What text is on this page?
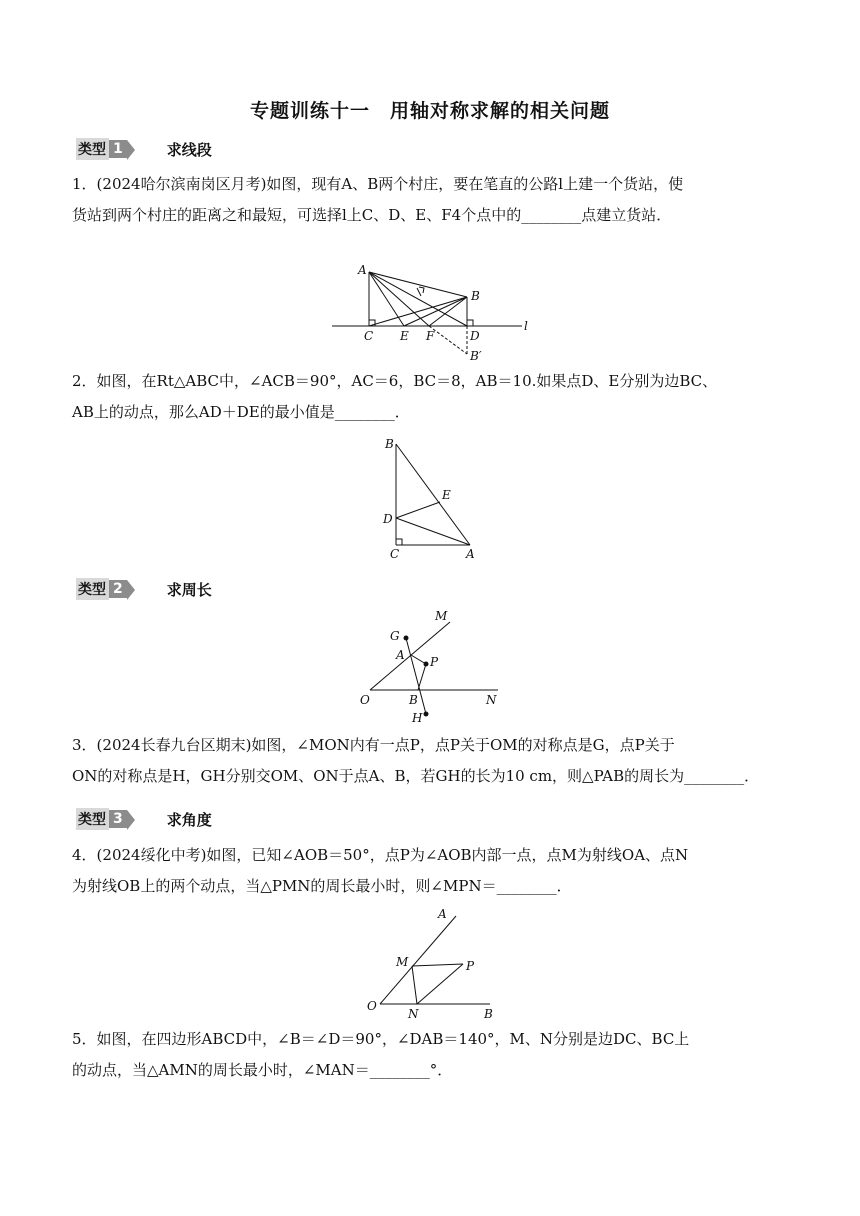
专题训练十一　用轴对称求解的相关问题
类型 1	求线段
1．(2024哈尔滨南岗区月考)如图，现有A、B两个村庄，要在笔直的公路l上建一个货站，使
货站到两个村庄的距离之和最短，可选择l上C、D、E、F4个点中的________点建立货站．
A
B
C E F	D
B′
l
2．如图，在Rt△ABC中，∠ACB＝90°，AC＝6，BC＝8，AB＝10.如果点D、E分别为边BC、
AB上的动点，那么AD＋DE的最小值是________．
B
E
D
C	A
类型 2	求周长
M
G
A P
O	B	N
H
3．(2024长春九台区期末)如图，∠MON内有一点P，点P关于OM的对称点是G，点P关于
ON的对称点是H，GH分别交OM、ON于点A、B，若GH的长为10 cm，则△PAB的周长为________．
类型 3	求角度
4．(2024绥化中考)如图，已知∠AOB＝50°，点P为∠AOB内部一点，点M为射线OA、点N
为射线OB上的两个动点，当△PMN的周长最小时，则∠MPN＝________．
A
M	P
O
N	B
5．如图，在四边形ABCD中，∠B＝∠D＝90°，∠DAB＝140°，M、N分别是边DC、BC上
的动点，当△AMN的周长最小时，∠MAN＝________°．
